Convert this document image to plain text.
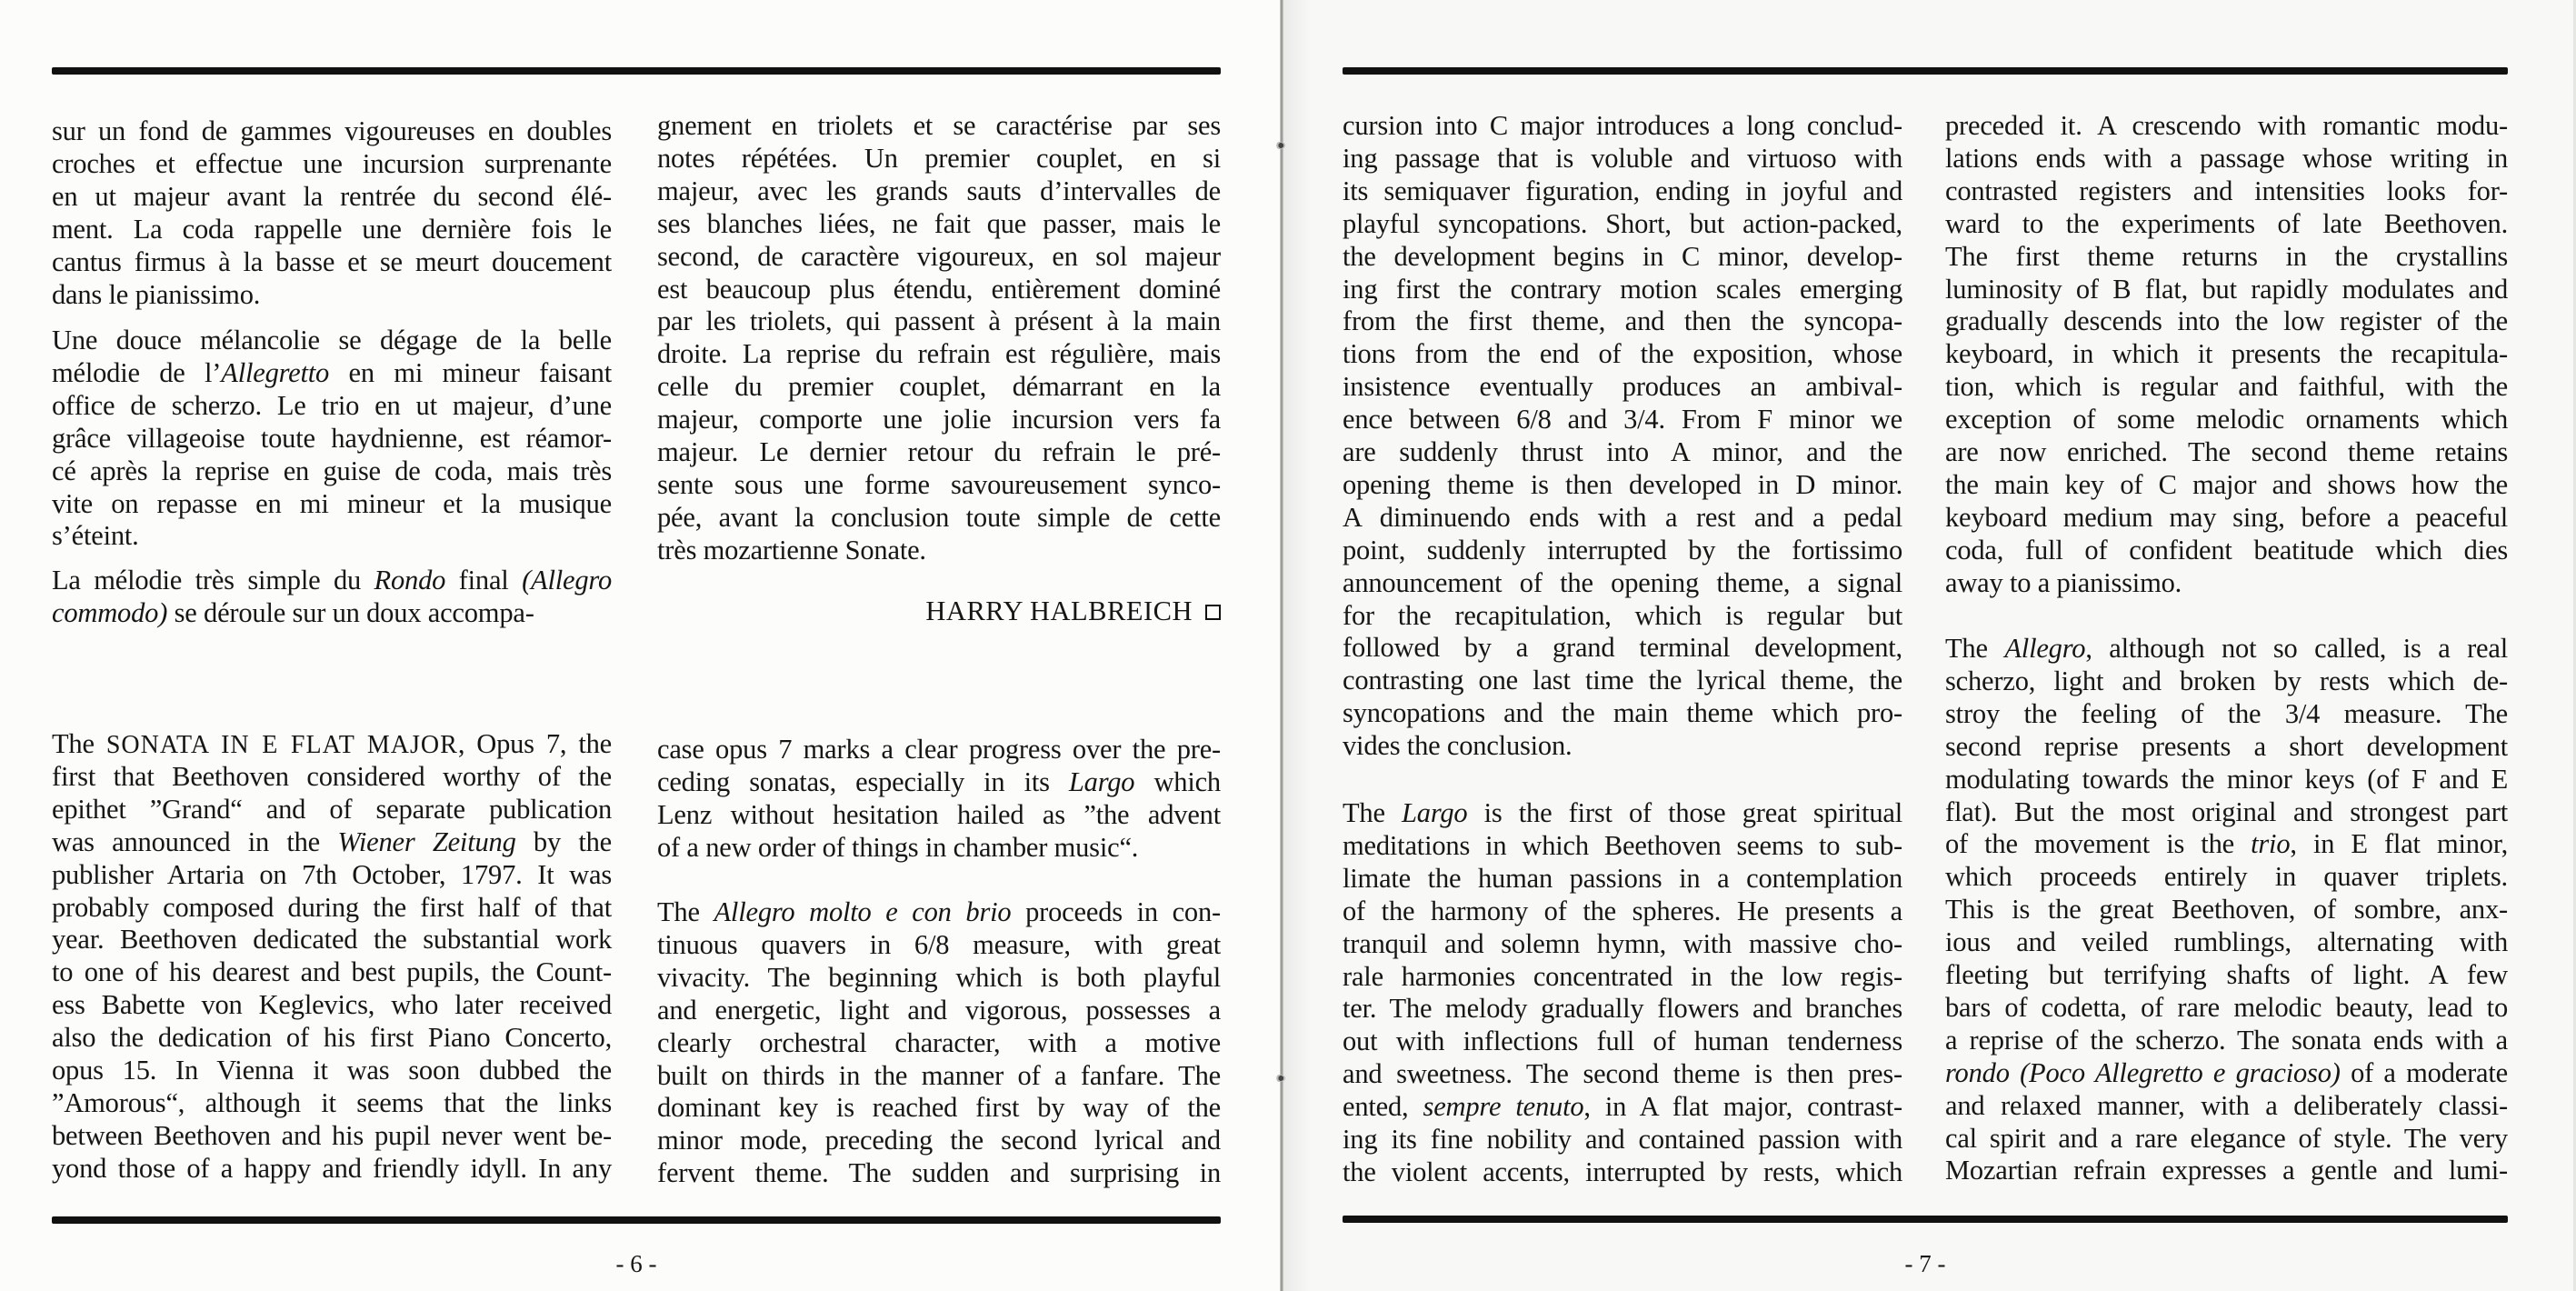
sur un fond de gammes vigoureuses en doubles
croches et effectue une incursion surprenante
en ut majeur avant la rentrée du second élé-
ment. La coda rappelle une dernière fois le
cantus firmus à la basse et se meurt doucement
dans le pianissimo.
Une douce mélancolie se dégage de la belle
mélodie de l’Allegretto en mi mineur faisant
office de scherzo. Le trio en ut majeur, d’une
grâce villageoise toute haydnienne, est réamor-
cé après la reprise en guise de coda, mais très
vite on repasse en mi mineur et la musique
s’éteint.
La mélodie très simple du Rondo final (Allegro
commodo) se déroule sur un doux accompa-
The SONATA IN E FLAT MAJOR, Opus 7, the
first that Beethoven considered worthy of the
epithet ”Grand“ and of separate publication
was announced in the Wiener Zeitung by the
publisher Artaria on 7th October, 1797. It was
probably composed during the first half of that
year. Beethoven dedicated the substantial work
to one of his dearest and best pupils, the Count-
ess Babette von Keglevics, who later received
also the dedication of his first Piano Concerto,
opus 15. In Vienna it was soon dubbed the
”Amorous“, although it seems that the links
between Beethoven and his pupil never went be-
yond those of a happy and friendly idyll. In any
gnement en triolets et se caractérise par ses
notes répétées. Un premier couplet, en si
majeur, avec les grands sauts d’intervalles de
ses blanches liées, ne fait que passer, mais le
second, de caractère vigoureux, en sol majeur
est beaucoup plus étendu, entièrement dominé
par les triolets, qui passent à présent à la main
droite. La reprise du refrain est régulière, mais
celle du premier couplet, démarrant en la
majeur, comporte une jolie incursion vers fa
majeur. Le dernier retour du refrain le pré-
sente sous une forme savoureusement synco-
pée, avant la conclusion toute simple de cette
très mozartienne Sonate.
HARRY HALBREICH
case opus 7 marks a clear progress over the pre-
ceding sonatas, especially in its Largo which
Lenz without hesitation hailed as ”the advent
of a new order of things in chamber music“.
The Allegro molto e con brio proceeds in con-
tinuous quavers in 6/8 measure, with great
vivacity. The beginning which is both playful
and energetic, light and vigorous, possesses a
clearly orchestral character, with a motive
built on thirds in the manner of a fanfare. The
dominant key is reached first by way of the
minor mode, preceding the second lyrical and
fervent theme. The sudden and surprising in
- 6 -
cursion into C major introduces a long conclud-
ing passage that is voluble and virtuoso with
its semiquaver figuration, ending in joyful and
playful syncopations. Short, but action-packed,
the development begins in C minor, develop-
ing first the contrary motion scales emerging
from the first theme, and then the syncopa-
tions from the end of the exposition, whose
insistence eventually produces an ambival-
ence between 6/8 and 3/4. From F minor we
are suddenly thrust into A minor, and the
opening theme is then developed in D minor.
A diminuendo ends with a rest and a pedal
point, suddenly interrupted by the fortissimo
announcement of the opening theme, a signal
for the recapitulation, which is regular but
followed by a grand terminal development,
contrasting one last time the lyrical theme, the
syncopations and the main theme which pro-
vides the conclusion.
The Largo is the first of those great spiritual
meditations in which Beethoven seems to sub-
limate the human passions in a contemplation
of the harmony of the spheres. He presents a
tranquil and solemn hymn, with massive cho-
rale harmonies concentrated in the low regis-
ter. The melody gradually flowers and branches
out with inflections full of human tenderness
and sweetness. The second theme is then pres-
ented, sempre tenuto, in A flat major, contrast-
ing its fine nobility and contained passion with
the violent accents, interrupted by rests, which
preceded it. A crescendo with romantic modu-
lations ends with a passage whose writing in
contrasted registers and intensities looks for-
ward to the experiments of late Beethoven.
The first theme returns in the crystallins
luminosity of B flat, but rapidly modulates and
gradually descends into the low register of the
keyboard, in which it presents the recapitula-
tion, which is regular and faithful, with the
exception of some melodic ornaments which
are now enriched. The second theme retains
the main key of C major and shows how the
keyboard medium may sing, before a peaceful
coda, full of confident beatitude which dies
away to a pianissimo.
The Allegro, although not so called, is a real
scherzo, light and broken by rests which de-
stroy the feeling of the 3/4 measure. The
second reprise presents a short development
modulating towards the minor keys (of F and E
flat). But the most original and strongest part
of the movement is the trio, in E flat minor,
which proceeds entirely in quaver triplets.
This is the great Beethoven, of sombre, anx-
ious and veiled rumblings, alternating with
fleeting but terrifying shafts of light. A few
bars of codetta, of rare melodic beauty, lead to
a reprise of the scherzo. The sonata ends with a
rondo (Poco Allegretto e gracioso) of a moderate
and relaxed manner, with a deliberately classi-
cal spirit and a rare elegance of style. The very
Mozartian refrain expresses a gentle and lumi-
- 7 -
